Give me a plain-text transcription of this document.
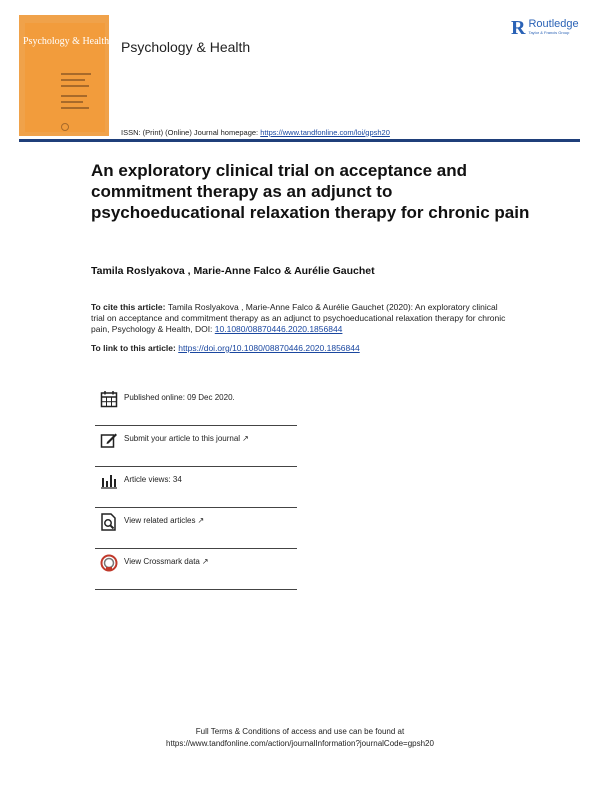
Psychology & Health Psychology & Health
R Routledge
Taylor & Francis Group
ISSN: (Print) (Online) Journal homepage: https://www.tandfonline.com/loi/gpsh20
An exploratory clinical trial on acceptance and commitment therapy as an adjunct to psychoeducational relaxation therapy for chronic pain
Tamila Roslyakova , Marie-Anne Falco & Aurélie Gauchet
To cite this article: Tamila Roslyakova , Marie-Anne Falco & Aurélie Gauchet (2020): An exploratory clinical trial on acceptance and commitment therapy as an adjunct to psychoeducational relaxation therapy for chronic pain, Psychology & Health, DOI: 10.1080/08870446.2020.1856844
To link to this article: https://doi.org/10.1080/08870446.2020.1856844
Published online: 09 Dec 2020.
Submit your article to this journal ↗
Article views: 34
View related articles ↗
View Crossmark data ↗
Full Terms & Conditions of access and use can be found at
https://www.tandfonline.com/action/journalInformation?journalCode=gpsh20
